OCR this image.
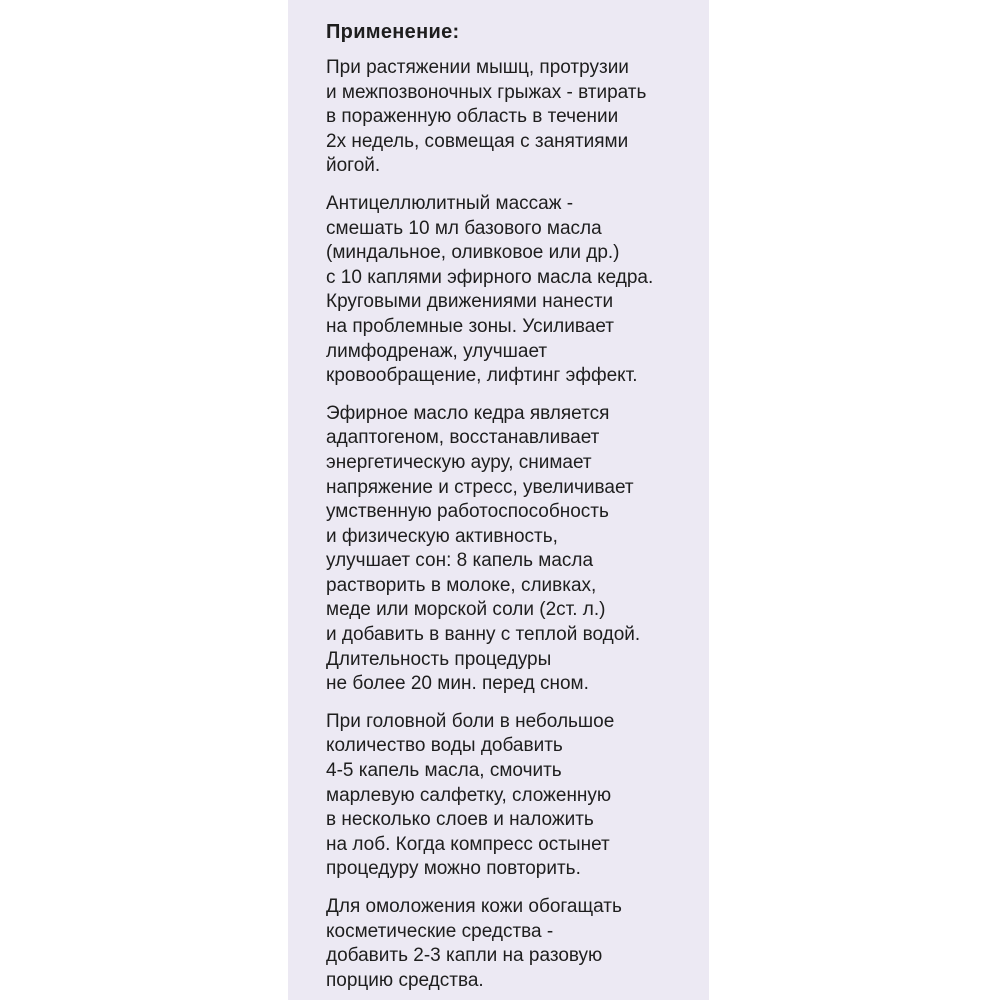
Применение:
При растяжении мышц, протрузии
и межпозвоночных грыжах - втирать
в пораженную область в течении
2х недель, совмещая с занятиями
йогой.
Антицеллюлитный массаж -
смешать 10 мл базового масла
(миндальное, оливковое или др.)
с 10 каплями эфирного масла кедра.
Круговыми движениями нанести
на проблемные зоны. Усиливает
лимфодренаж, улучшает
кровообращение, лифтинг эффект.
Эфирное масло кедра является
адаптогеном, восстанавливает
энергетическую ауру, снимает
напряжение и стресс, увеличивает
умственную работоспособность
и физическую активность,
улучшает сон: 8 капель масла
растворить в молоке, сливках,
меде или морской соли (2ст. л.)
и добавить в ванну с теплой водой.
Длительность процедуры
не более 20 мин. перед сном.
При головной боли в небольшое
количество воды добавить
4-5 капель масла, смочить
марлевую салфетку, сложенную
в несколько слоев и наложить
на лоб. Когда компресс остынет
процедуру можно повторить.
Для омоложения кожи обогащать
косметические средства -
добавить 2-3 капли на разовую
порцию средства.
